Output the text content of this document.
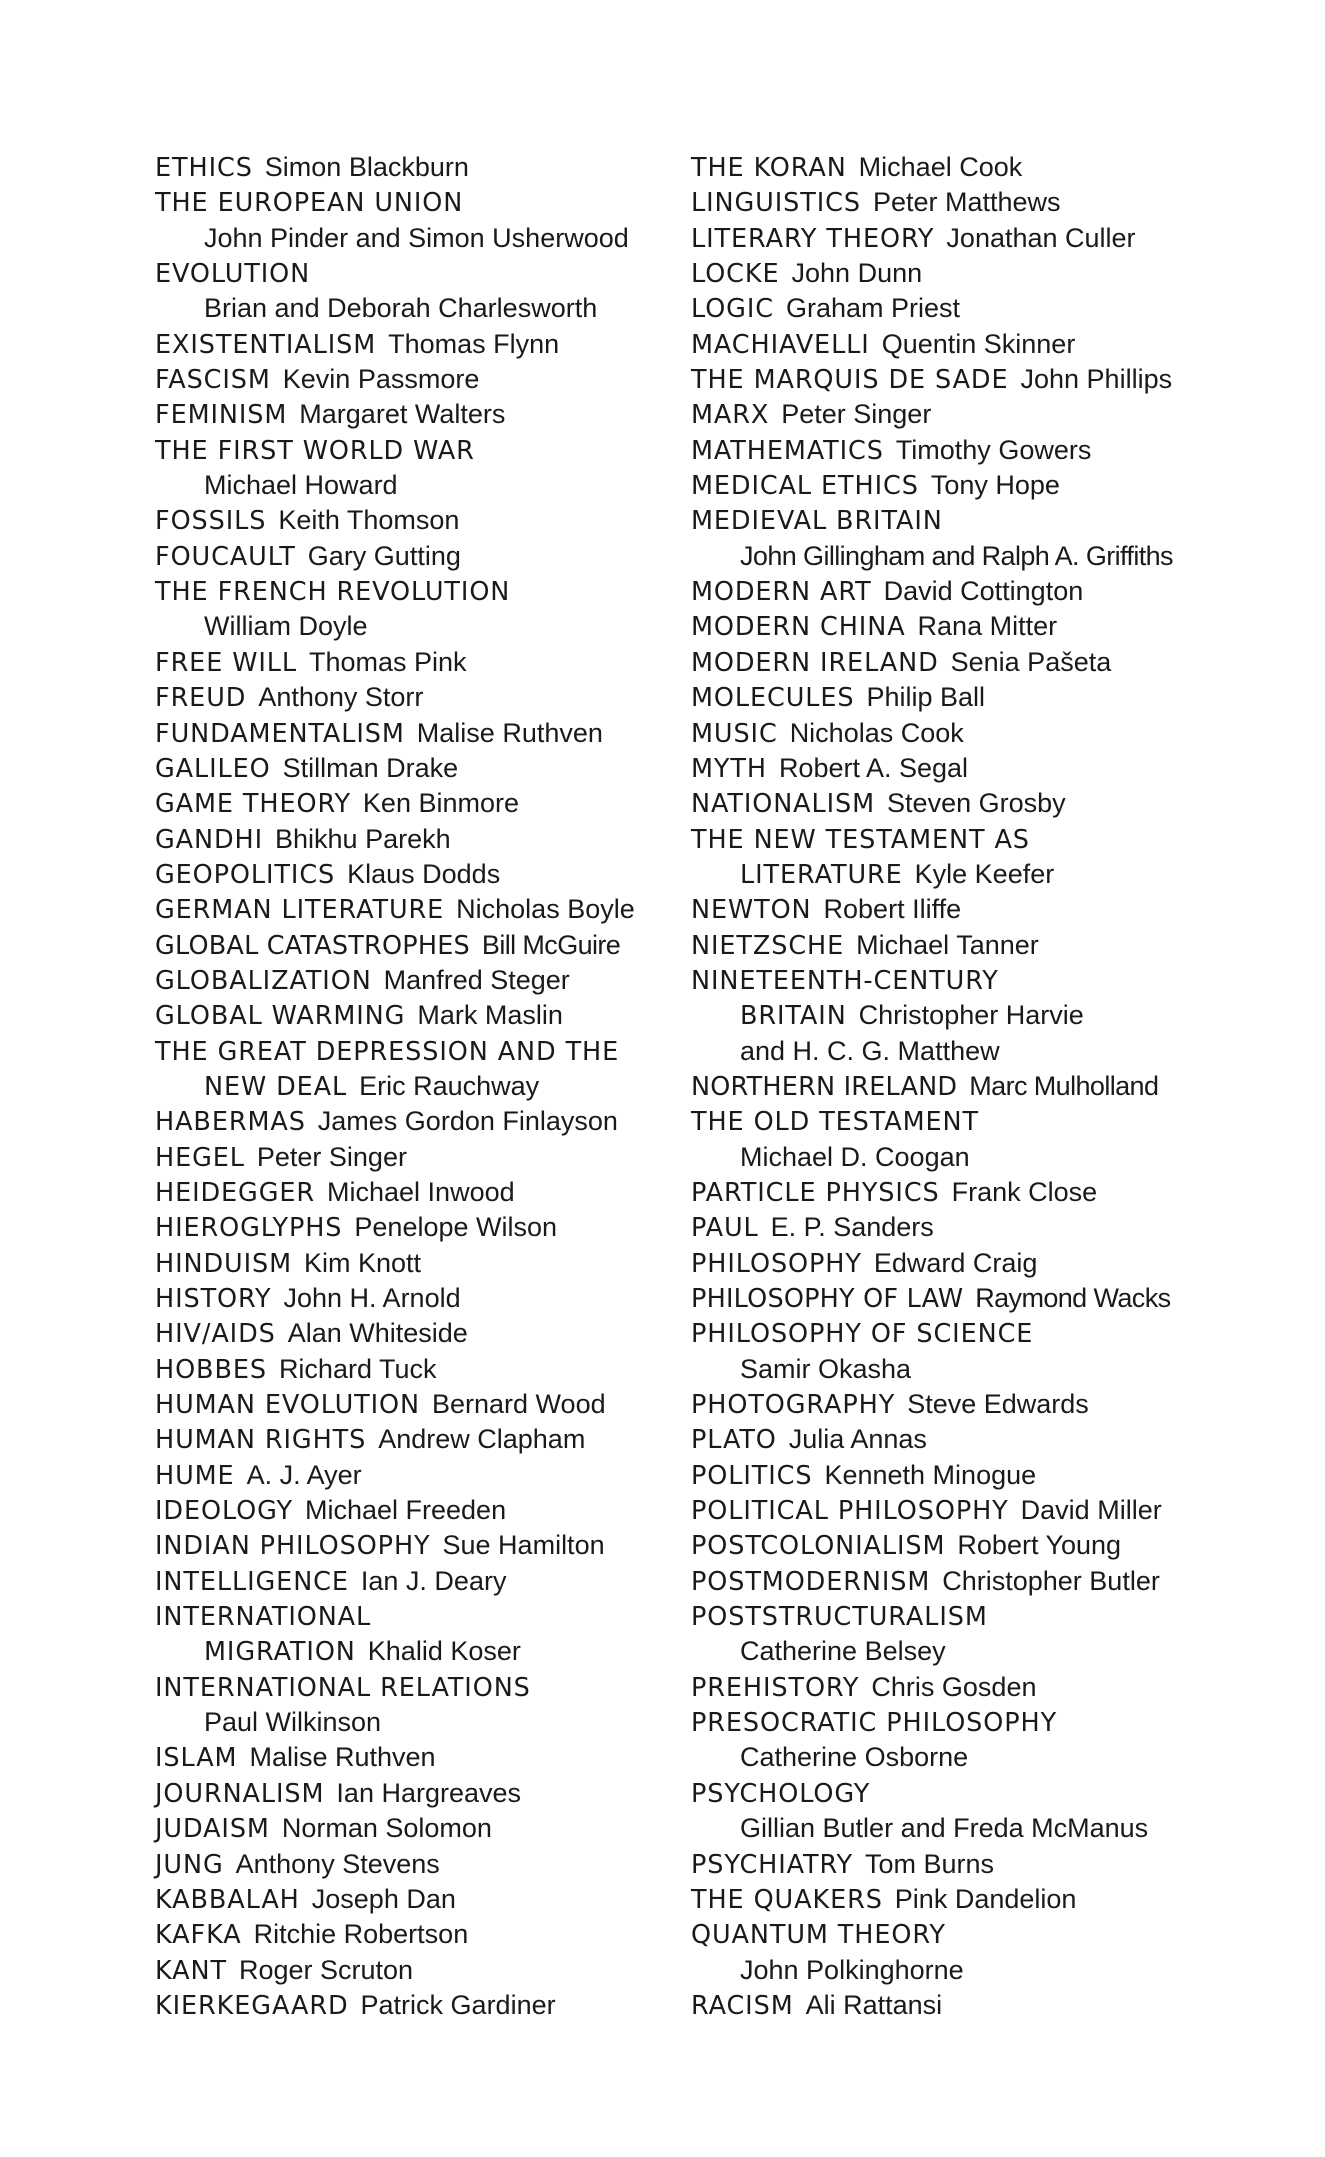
ETHICS Simon Blackburn
THE EUROPEAN UNION
John Pinder and Simon Usherwood
EVOLUTION
Brian and Deborah Charlesworth
EXISTENTIALISM Thomas Flynn
FASCISM Kevin Passmore
FEMINISM Margaret Walters
THE FIRST WORLD WAR
Michael Howard
FOSSILS Keith Thomson
FOUCAULT Gary Gutting
THE FRENCH REVOLUTION
William Doyle
FREE WILL Thomas Pink
FREUD Anthony Storr
FUNDAMENTALISM Malise Ruthven
GALILEO Stillman Drake
GAME THEORY Ken Binmore
GANDHI Bhikhu Parekh
GEOPOLITICS Klaus Dodds
GERMAN LITERATURE Nicholas Boyle
GLOBAL CATASTROPHES Bill McGuire
GLOBALIZATION Manfred Steger
GLOBAL WARMING Mark Maslin
THE GREAT DEPRESSION AND THE
NEW DEAL Eric Rauchway
HABERMAS James Gordon Finlayson
HEGEL Peter Singer
HEIDEGGER Michael Inwood
HIEROGLYPHS Penelope Wilson
HINDUISM Kim Knott
HISTORY John H. Arnold
HIV/AIDS Alan Whiteside
HOBBES Richard Tuck
HUMAN EVOLUTION Bernard Wood
HUMAN RIGHTS Andrew Clapham
HUME A. J. Ayer
IDEOLOGY Michael Freeden
INDIAN PHILOSOPHY Sue Hamilton
INTELLIGENCE Ian J. Deary
INTERNATIONAL
MIGRATION Khalid Koser
INTERNATIONAL RELATIONS
Paul Wilkinson
ISLAM Malise Ruthven
JOURNALISM Ian Hargreaves
JUDAISM Norman Solomon
JUNG Anthony Stevens
KABBALAH Joseph Dan
KAFKA Ritchie Robertson
KANT Roger Scruton
KIERKEGAARD Patrick Gardiner
THE KORAN Michael Cook
LINGUISTICS Peter Matthews
LITERARY THEORY Jonathan Culler
LOCKE John Dunn
LOGIC Graham Priest
MACHIAVELLI Quentin Skinner
THE MARQUIS DE SADE John Phillips
MARX Peter Singer
MATHEMATICS Timothy Gowers
MEDICAL ETHICS Tony Hope
MEDIEVAL BRITAIN
John Gillingham and Ralph A. Griffiths
MODERN ART David Cottington
MODERN CHINA Rana Mitter
MODERN IRELAND Senia Pašeta
MOLECULES Philip Ball
MUSIC Nicholas Cook
MYTH Robert A. Segal
NATIONALISM Steven Grosby
THE NEW TESTAMENT AS
LITERATURE Kyle Keefer
NEWTON Robert Iliffe
NIETZSCHE Michael Tanner
NINETEENTH-CENTURY
BRITAIN Christopher Harvie
and H. C. G. Matthew
NORTHERN IRELAND Marc Mulholland
THE OLD TESTAMENT
Michael D. Coogan
PARTICLE PHYSICS Frank Close
PAUL E. P. Sanders
PHILOSOPHY Edward Craig
PHILOSOPHY OF LAW Raymond Wacks
PHILOSOPHY OF SCIENCE
Samir Okasha
PHOTOGRAPHY Steve Edwards
PLATO Julia Annas
POLITICS Kenneth Minogue
POLITICAL PHILOSOPHY David Miller
POSTCOLONIALISM Robert Young
POSTMODERNISM Christopher Butler
POSTSTRUCTURALISM
Catherine Belsey
PREHISTORY Chris Gosden
PRESOCRATIC PHILOSOPHY
Catherine Osborne
PSYCHOLOGY
Gillian Butler and Freda McManus
PSYCHIATRY Tom Burns
THE QUAKERS Pink Dandelion
QUANTUM THEORY
John Polkinghorne
RACISM Ali Rattansi
